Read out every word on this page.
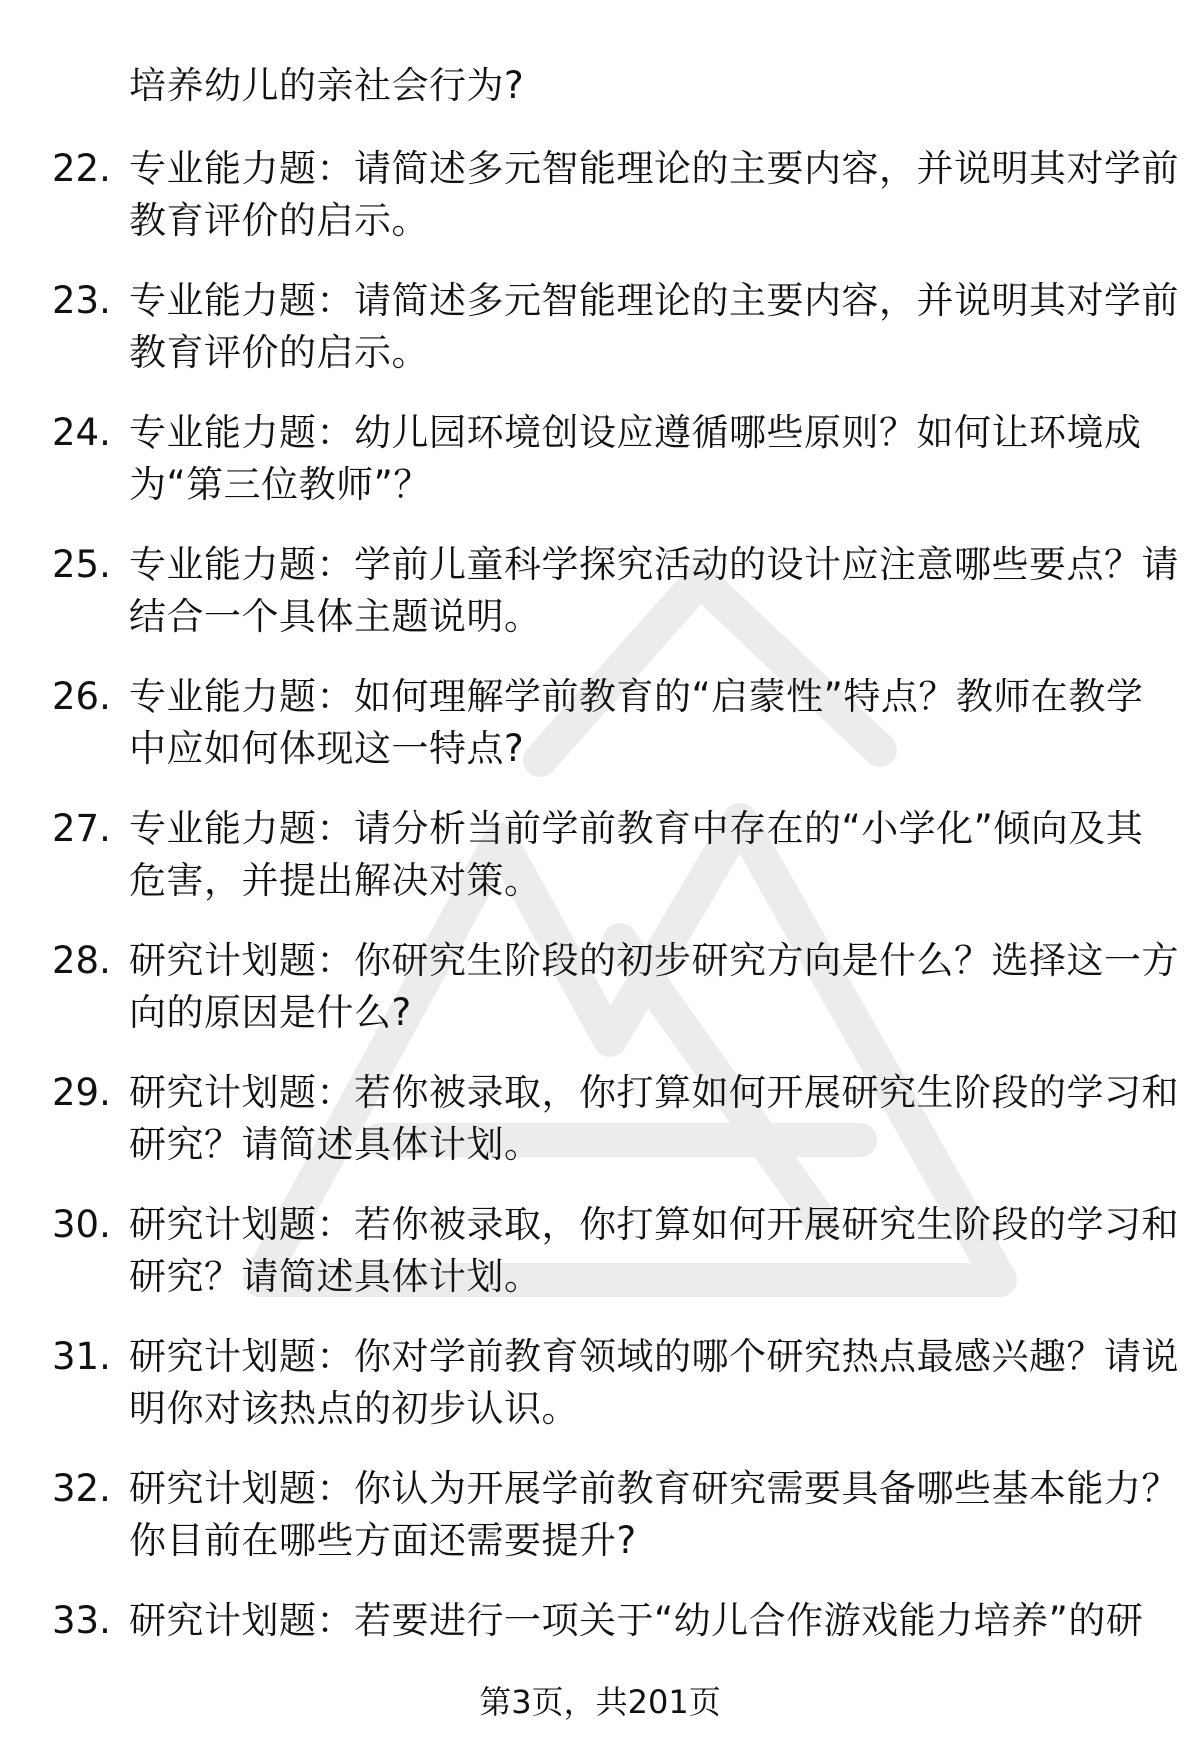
培养幼儿的亲社会行为?
22. 专业能力题：请简述多元智能理论的主要内容，并说明其对学前
教育评价的启示。
23. 专业能力题：请简述多元智能理论的主要内容，并说明其对学前
教育评价的启示。
24. 专业能力题：幼儿园环境创设应遵循哪些原则？如何让环境成
为“第三位教师”？
25. 专业能力题：学前儿童科学探究活动的设计应注意哪些要点？请
结合一个具体主题说明。
26. 专业能力题：如何理解学前教育的“启蒙性”特点？教师在教学
中应如何体现这一特点?
27. 专业能力题：请分析当前学前教育中存在的“小学化”倾向及其
危害，并提出解决对策。
28. 研究计划题：你研究生阶段的初步研究方向是什么？选择这一方
向的原因是什么?
29. 研究计划题：若你被录取，你打算如何开展研究生阶段的学习和
研究？请简述具体计划。
30. 研究计划题：若你被录取，你打算如何开展研究生阶段的学习和
研究？请简述具体计划。
31. 研究计划题：你对学前教育领域的哪个研究热点最感兴趣？请说
明你对该热点的初步认识。
32. 研究计划题：你认为开展学前教育研究需要具备哪些基本能力？
你目前在哪些方面还需要提升?
33. 研究计划题：若要进行一项关于“幼儿合作游戏能力培养”的研
第3页，共201页
